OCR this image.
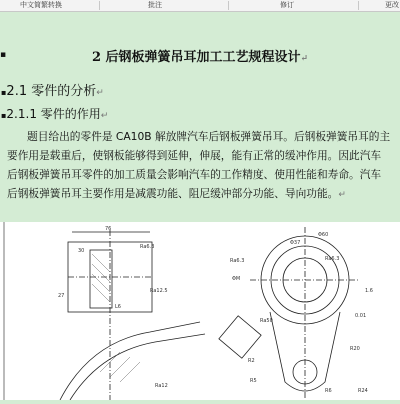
中文简繁转换	批注	修订	更改
▪	2 后钢板弹簧吊耳加工工艺规程设计↵
▪2.1 零件的分析↵
▪2.1.1 零件的作用↵
题目给出的零件是 CA10B 解放牌汽车后钢板弹簧吊耳。后钢板弹簧吊耳的主
要作用是载重后，使钢板能够得到延伸，伸展，能有正常的缓冲作用。因此汽车
后钢板弹簧吊耳零件的加工质量会影响汽车的工作精度、使用性能和寿命。汽车
后钢板弹簧吊耳主要作用是减震功能、阻尼缓冲部分功能、导向功能。↵
76
Ra6.3
27
Ra6.3	Ra6.3
Ra12.5
Ra50
Φ37
Φ60
ΦM
0.01
1.6
R20
R2
R5
R24
R6
30
Ra12
L6
